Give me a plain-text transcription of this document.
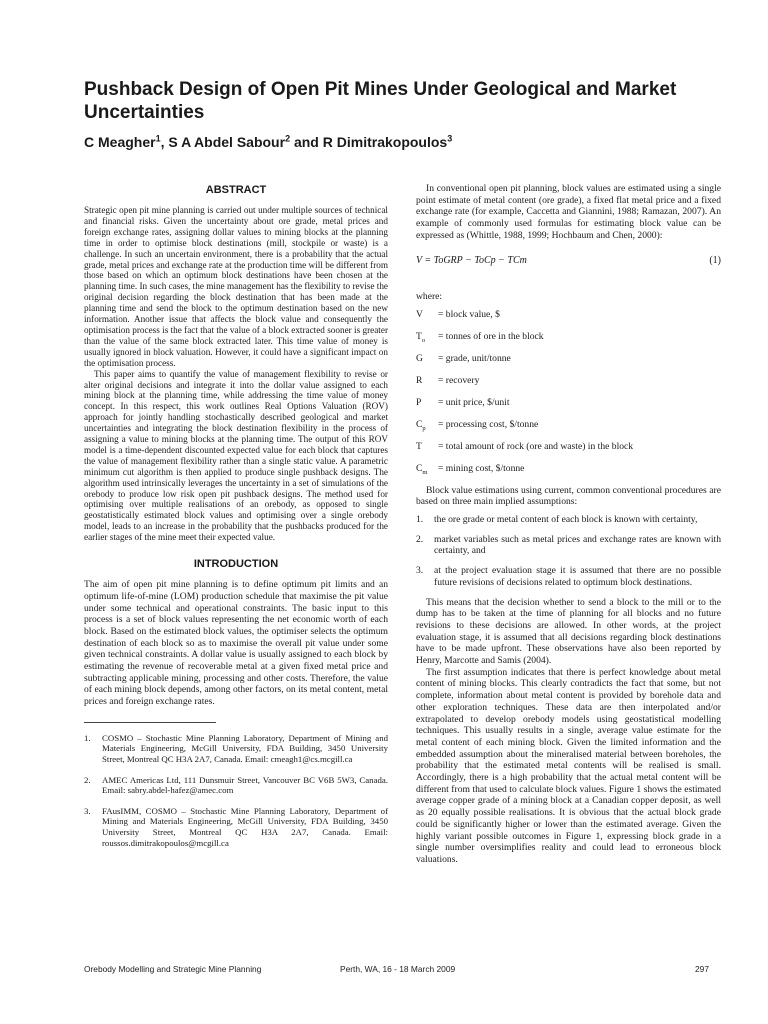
Pushback Design of Open Pit Mines Under Geological and Market Uncertainties
C Meagher$^1$, S A Abdel Sabour$^2$ and R Dimitrakopoulos$^3$
ABSTRACT

Strategic open pit mine planning is carried out under multiple sources of technical and financial risks. Given the uncertainty about ore grade, metal prices and foreign exchange rates, assigning dollar values to mining blocks at the planning time in order to optimise block destinations (mill, stockpile or waste) is a challenge. In such an uncertain environment, there is a probability that the actual grade, metal prices and exchange rate at the production time will be different from those based on which an optimum block destinations have been chosen at the planning time. In such cases, the mine management has the flexibility to revise the original decision regarding the block destination that has been made at the planning time and send the block to the optimum destination based on the new information. Another issue that affects the block value and consequently the optimisation process is the fact that the value of a block extracted sooner is greater than the value of the same block extracted later. This time value of money is usually ignored in block valuation. However, it could have a significant impact on the optimisation process.

This paper aims to quantify the value of management flexibility to revise or alter original decisions and integrate it into the dollar value assigned to each mining block at the planning time, while addressing the time value of money concept. In this respect, this work outlines Real Options Valuation (ROV) approach for jointly handling stochastically described geological and market uncertainties and integrating the block destination flexibility in the process of assigning a value to mining blocks at the planning time. The output of this ROV model is a time-dependent discounted expected value for each block that captures the value of management flexibility rather than a single static value. A parametric minimum cut algorithm is then applied to produce single pushback designs. The algorithm used intrinsically leverages the uncertainty in a set of simulations of the orebody to produce low risk open pit pushback designs. The method used for optimising over multiple realisations of an orebody, as opposed to single geostatistically estimated block values and optimising over a single orebody model, leads to an increase in the probability that the pushbacks produced for the earlier stages of the mine meet their expected value.

INTRODUCTION

The aim of open pit mine planning is to define optimum pit limits and an optimum life-of-mine (LOM) production schedule that maximise the pit value under some technical and operational constraints. The basic input to this process is a set of block values representing the net economic worth of each block. Based on the estimated block values, the optimiser selects the optimum destination of each block so as to maximise the overall pit value under some given technical constraints. A dollar value is usually assigned to each block by estimating the revenue of recoverable metal at a given fixed metal price and subtracting applicable mining, processing and other costs. Therefore, the value of each mining block depends, among other factors, on its metal content, metal prices and foreign exchange rates.

1.	COSMO – Stochastic Mine Planning Laboratory, Department of Mining and Materials Engineering, McGill University, FDA Building, 3450 University Street, Montreal QC H3A 2A7, Canada. Email: cmeagh1@cs.mcgill.ca
2.	AMEC Americas Ltd, 111 Dunsmuir Street, Vancouver BC V6B 5W3, Canada. Email: sabry.abdel-hafez@amec.com
3.	FAusIMM, COSMO – Stochastic Mine Planning Laboratory, Department of Mining and Materials Engineering, McGill University, FDA Building, 3450 University Street, Montreal QC H3A 2A7, Canada. Email: roussos.dimitrakopoulos@mcgill.ca

In conventional open pit planning, block values are estimated using a single point estimate of metal content (ore grade), a fixed flat metal price and a fixed exchange rate (for example, Caccetta and Giannini, 1988; Ramazan, 2007). An example of commonly used formulas for estimating block value can be expressed as (Whittle, 1988, 1999; Hochbaum and Chen, 2000):

V = ToGRP − ToCp − TCm	(1)
where:
V	= block value, $
$T_o$	= tonnes of ore in the block
G	= grade, unit/tonne
R	= recovery
P	= unit price, $/unit
$C_p$	= processing cost, $/tonne
T	= total amount of rock (ore and waste) in the block
$C_m$	= mining cost, $/tonne

Block value estimations using current, common conventional procedures are based on three main implied assumptions:

1.	the ore grade or metal content of each block is known with certainty,
2.	market variables such as metal prices and exchange rates are known with certainty, and
3.	at the project evaluation stage it is assumed that there are no possible future revisions of decisions related to optimum block destinations.

This means that the decision whether to send a block to the mill or to the dump has to be taken at the time of planning for all blocks and no future revisions to these decisions are allowed. In other words, at the project evaluation stage, it is assumed that all decisions regarding block destinations have to be made upfront. These observations have also been reported by Henry, Marcotte and Samis (2004).

The first assumption indicates that there is perfect knowledge about metal content of mining blocks. This clearly contradicts the fact that some, but not complete, information about metal content is provided by borehole data and other exploration techniques. These data are then interpolated and/or extrapolated to develop orebody models using geostatistical modelling techniques. This usually results in a single, average value estimate for the metal content of each mining block. Given the limited information and the embedded assumption about the mineralised material between boreholes, the probability that the estimated metal contents will be realised is small. Accordingly, there is a high probability that the actual metal content will be different from that used to calculate block values. Figure 1 shows the estimated average copper grade of a mining block at a Canadian copper deposit, as well as 20 equally possible realisations. It is obvious that the actual block grade could be significantly higher or lower than the estimated average. Given the highly variant possible outcomes in Figure 1, expressing block grade in a single number oversimplifies reality and could lead to erroneous block valuations.

Orebody Modelling and Strategic Mine Planning	Perth, WA, 16 - 18 March 2009	297
